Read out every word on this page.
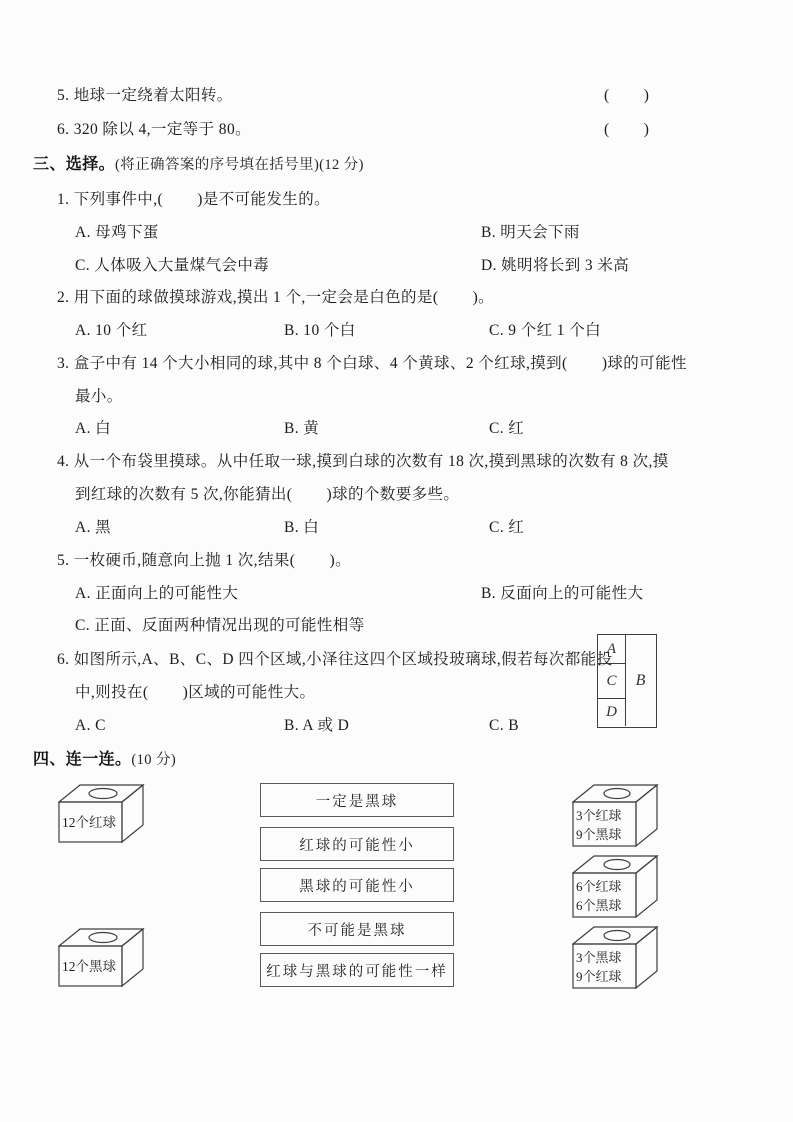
5. 地球一定绕着太阳转。	(        )
6. 320 除以 4,一定等于 80。	(        )
三、选择。(将正确答案的序号填在括号里)(12 分)
1. 下列事件中,(        )是不可能发生的。
A. 母鸡下蛋	B. 明天会下雨
C. 人体吸入大量煤气会中毒	D. 姚明将长到 3 米高
2. 用下面的球做摸球游戏,摸出 1 个,一定会是白色的是(        )。
A. 10 个红	B. 10 个白	C. 9 个红 1 个白
3. 盒子中有 14 个大小相同的球,其中 8 个白球、4 个黄球、2 个红球,摸到(        )球的可能性
最小。
A. 白	B. 黄	C. 红
4. 从一个布袋里摸球。从中任取一球,摸到白球的次数有 18 次,摸到黑球的次数有 8 次,摸
到红球的次数有 5 次,你能猜出(        )球的个数要多些。
A. 黑	B. 白	C. 红
5. 一枚硬币,随意向上抛 1 次,结果(        )。
A. 正面向上的可能性大	B. 反面向上的可能性大
C. 正面、反面两种情况出现的可能性相等
6. 如图所示,A、B、C、D 四个区域,小泽往这四个区域投玻璃球,假若每次都能投
中,则投在(        )区域的可能性大。
A. C	B. A 或 D	C. B
A
C
D
B
四、连一连。(10 分)
12个红球
12个黑球
一定是黑球
红球的可能性小
黑球的可能性小
不可能是黑球
红球与黑球的可能性一样
3个红球
9个黑球
6个红球
6个黑球
3个黑球
9个红球
